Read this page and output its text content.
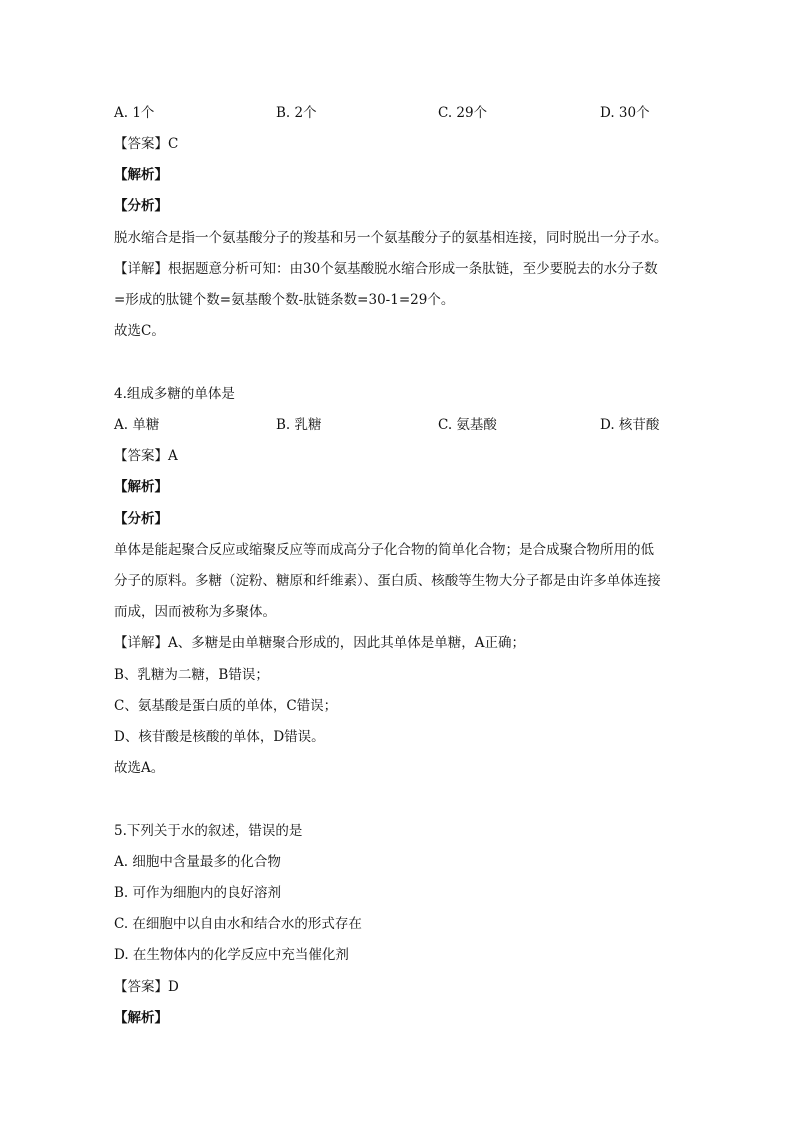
A. 1个	B. 2个	C. 29个	D. 30个
【答案】C
【解析】
【分析】
脱水缩合是指一个氨基酸分子的羧基和另一个氨基酸分子的氨基相连接，同时脱出一分子水。
【详解】根据题意分析可知：由30个氨基酸脱水缩合形成一条肽链，至少要脱去的水分子数
=形成的肽键个数=氨基酸个数-肽链条数=30-1=29个。
故选C。
4.组成多糖的单体是
A. 单糖	B. 乳糖	C. 氨基酸	D. 核苷酸
【答案】A
【解析】
【分析】
单体是能起聚合反应或缩聚反应等而成高分子化合物的简单化合物；是合成聚合物所用的低
分子的原料。多糖（淀粉、糖原和纤维素）、蛋白质、核酸等生物大分子都是由许多单体连接
而成，因而被称为多聚体。
【详解】A、多糖是由单糖聚合形成的，因此其单体是单糖，A正确；
B、乳糖为二糖，B错误；
C、氨基酸是蛋白质的单体，C错误；
D、核苷酸是核酸的单体，D错误。
故选A。
5.下列关于水的叙述，错误的是
A. 细胞中含量最多的化合物
B. 可作为细胞内的良好溶剂
C. 在细胞中以自由水和结合水的形式存在
D. 在生物体内的化学反应中充当催化剂
【答案】D
【解析】
